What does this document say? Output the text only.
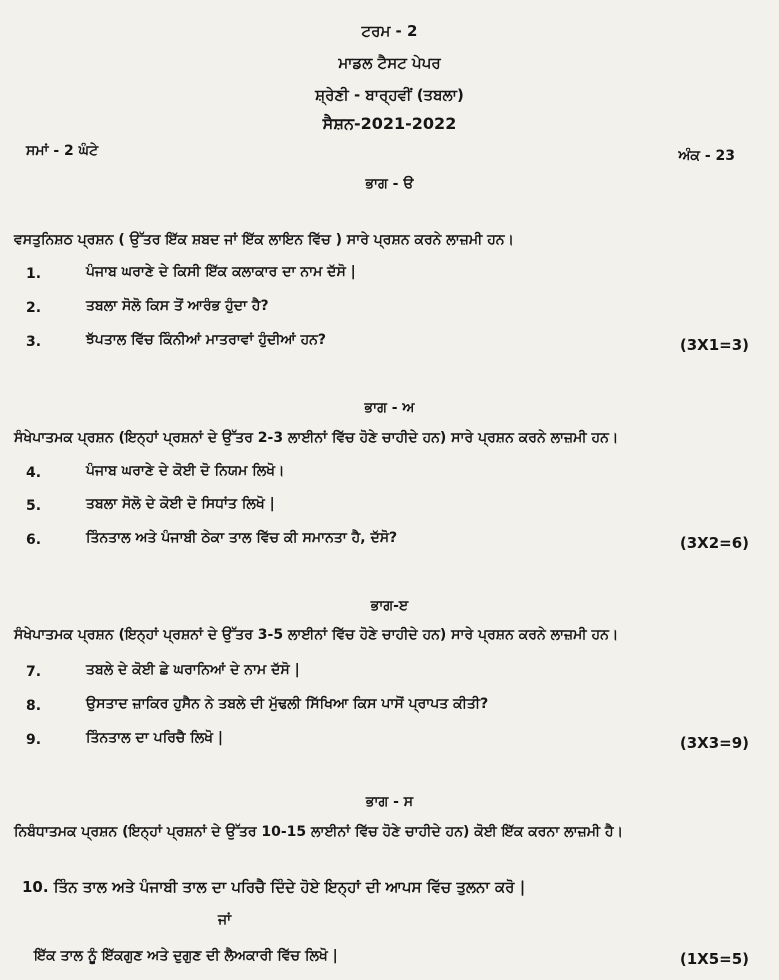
ਟਰਮ - 2
ਮਾਡਲ ਟੈਸਟ ਪੇਪਰ
ਸ਼੍ਰੇਣੀ - ਬਾਰ੍ਹਵੀਂ (ਤਬਲਾ)
ਸੈਸ਼ਨ-2021-2022
ਸਮਾਂ - 2 ਘੰਟੇ	ਅੰਕ - 23
ਭਾਗ - ੳ
ਵਸਤੁਨਿਸ਼ਠ ਪ੍ਰਸ਼ਨ ( ਉੱਤਰ ਇੱਕ ਸ਼ਬਦ ਜਾਂ ਇੱਕ ਲਾਇਨ ਵਿੱਚ ) ਸਾਰੇ ਪ੍ਰਸ਼ਨ ਕਰਨੇ ਲਾਜ਼ਮੀ ਹਨ।
1.	ਪੰਜਾਬ ਘਰਾਣੇ ਦੇ ਕਿਸੀ ਇੱਕ ਕਲਾਕਾਰ ਦਾ ਨਾਮ ਦੱਸੋ |
2.	ਤਬਲਾ ਸੋਲੋ ਕਿਸ ਤੋਂ ਆਰੰਭ ਹੁੰਦਾ ਹੈ?
3.	ਝੱਪਤਾਲ ਵਿੱਚ ਕਿੰਨੀਆਂ ਮਾਤਰਾਵਾਂ ਹੁੰਦੀਆਂ ਹਨ?	(3X1=3)
ਭਾਗ - ਅ
ਸੰਖੇਪਾਤਮਕ ਪ੍ਰਸ਼ਨ (ਇਨ੍ਹਾਂ ਪ੍ਰਸ਼ਨਾਂ ਦੇ ਉੱਤਰ 2-3 ਲਾਈਨਾਂ ਵਿੱਚ ਹੋਣੇ ਚਾਹੀਦੇ ਹਨ) ਸਾਰੇ ਪ੍ਰਸ਼ਨ ਕਰਨੇ ਲਾਜ਼ਮੀ ਹਨ।
4.	ਪੰਜਾਬ ਘਰਾਣੇ ਦੇ ਕੋਈ ਦੋ ਨਿਯਮ ਲਿਖੋ।
5.	ਤਬਲਾ ਸੋਲੋ ਦੇ ਕੋਈ ਦੋ ਸਿਧਾਂਤ ਲਿਖੋ |
6.	ਤਿੰਨਤਾਲ ਅਤੇ ਪੰਜਾਬੀ ਠੇਕਾ ਤਾਲ ਵਿੱਚ ਕੀ ਸਮਾਨਤਾ ਹੈ, ਦੱਸੋ?	(3X2=6)
ਭਾਗ-ੲ
ਸੰਖੇਪਾਤਮਕ ਪ੍ਰਸ਼ਨ (ਇਨ੍ਹਾਂ ਪ੍ਰਸ਼ਨਾਂ ਦੇ ਉੱਤਰ 3-5 ਲਾਈਨਾਂ ਵਿੱਚ ਹੋਣੇ ਚਾਹੀਦੇ ਹਨ) ਸਾਰੇ ਪ੍ਰਸ਼ਨ ਕਰਨੇ ਲਾਜ਼ਮੀ ਹਨ।
7.	ਤਬਲੇ ਦੇ ਕੋਈ ਛੇ ਘਰਾਨਿਆਂ ਦੇ ਨਾਮ ਦੱਸੋ |
8.	ਉਸਤਾਦ ਜ਼ਾਕਿਰ ਹੁਸੈਨ ਨੇ ਤਬਲੇ ਦੀ ਮੁੱਢਲੀ ਸਿੱਖਿਆ ਕਿਸ ਪਾਸੋਂ ਪ੍ਰਾਪਤ ਕੀਤੀ?
9.	ਤਿੰਨਤਾਲ ਦਾ ਪਰਿਚੈ ਲਿਖੋ |	(3X3=9)
ਭਾਗ - ਸ
ਨਿਬੰਧਾਤਮਕ ਪ੍ਰਸ਼ਨ (ਇਨ੍ਹਾਂ ਪ੍ਰਸ਼ਨਾਂ ਦੇ ਉੱਤਰ 10-15 ਲਾਈਨਾਂ ਵਿੱਚ ਹੋਣੇ ਚਾਹੀਦੇ ਹਨ) ਕੋਈ ਇੱਕ ਕਰਨਾ ਲਾਜ਼ਮੀ ਹੈ।
10. ਤਿੰਨ ਤਾਲ ਅਤੇ ਪੰਜਾਬੀ ਤਾਲ ਦਾ ਪਰਿਚੈ ਦਿੰਦੇ ਹੋਏ ਇਨ੍ਹਾਂ ਦੀ ਆਪਸ ਵਿੱਚ ਤੁਲਨਾ ਕਰੋ |
ਜਾਂ
ਇੱਕ ਤਾਲ ਨੂੰ ਇੱਕਗੁਣ ਅਤੇ ਦੁਗੁਣ ਦੀ ਲੈਅਕਾਰੀ ਵਿੱਚ ਲਿਖੋ |	(1X5=5)
